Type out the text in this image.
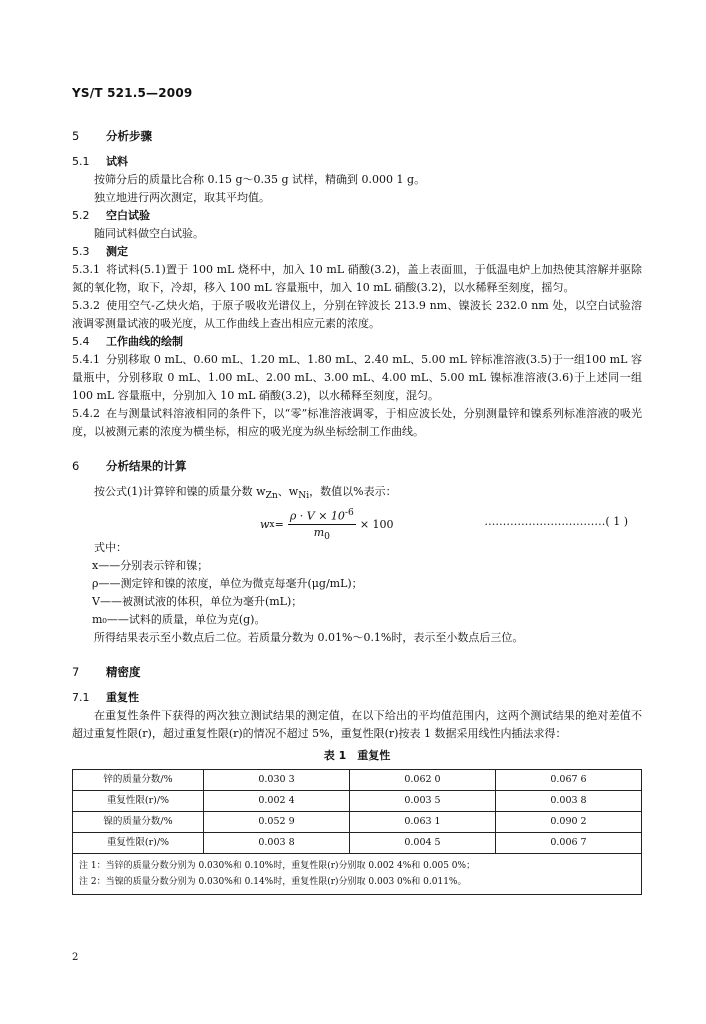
YS/T 521.5—2009
5 分析步骤
5.1 试料

按筛分后的质量比合称 0.15 g～0.35 g 试样，精确到 0.000 1 g。

独立地进行两次测定，取其平均值。

5.2 空白试验

随同试料做空白试验。

5.3 测定

5.3.1 将试料(5.1)置于 100 mL 烧杯中，加入 10 mL 硝酸(3.2)，盖上表面皿，于低温电炉上加热使其溶解并驱除氮的氧化物，取下，冷却，移入 100 mL 容量瓶中，加入 10 mL 硝酸(3.2)，以水稀释至刻度，摇匀。

5.3.2 使用空气-乙炔火焰，于原子吸收光谱仪上，分别在锌波长 213.9 nm、镍波长 232.0 nm 处，以空白试验溶液调零测量试液的吸光度，从工作曲线上查出相应元素的浓度。

5.4 工作曲线的绘制

5.4.1 分别移取 0 mL、0.60 mL、1.20 mL、1.80 mL、2.40 mL、5.00 mL 锌标准溶液(3.5)于一组100 mL 容量瓶中，分别移取 0 mL、1.00 mL、2.00 mL、3.00 mL、4.00 mL、5.00 mL 镍标准溶液(3.6)于上述同一组 100 mL 容量瓶中，分别加入 10 mL 硝酸(3.2)，以水稀释至刻度，混匀。

5.4.2 在与测量试料溶液相同的条件下，以“零”标准溶液调零，于相应波长处，分别测量锌和镍系列标准溶液的吸光度，以被测元素的浓度为横坐标，相应的吸光度为纵坐标绘制工作曲线。

6 分析结果的计算

按公式(1)计算锌和镍的质量分数 $w_{Zn}$、$w_{Ni}$，数值以%表示：

w $x = \frac{\rho \cdot V \times 10^{-6}}{m_0} \times 100$	……………………………( 1 )

式中：

x——分别表示锌和镍；
ρ——测定锌和镍的浓度，单位为微克每毫升(μg/mL)；
V——被测试液的体积，单位为毫升(mL)；
m₀——试料的质量，单位为克(g)。

所得结果表示至小数点后二位。若质量分数为 0.01%～0.1%时，表示至小数点后三位。

7 精密度
7.1 重复性

在重复性条件下获得的两次独立测试结果的测定值，在以下给出的平均值范围内，这两个测试结果的绝对差值不超过重复性限(r)，超过重复性限(r)的情况不超过 5%，重复性限(r)按表 1 数据采用线性内插法求得：

表 1　重复性
锌的质量分数/%	0.030 3	0.062 0	0.067 6
重复性限(r)/%	0.002 4	0.003 5	0.003 8
镍的质量分数/%	0.052 9	0.063 1	0.090 2
重复性限(r)/%	0.003 8	0.004 5	0.006 7

注 1：当锌的质量分数分别为 0.030%和 0.10%时，重复性限(r)分别取 0.002 4%和 0.005 0%；
注 2：当镍的质量分数分别为 0.030%和 0.14%时，重复性限(r)分别取 0.003 0%和 0.011%。			
2
